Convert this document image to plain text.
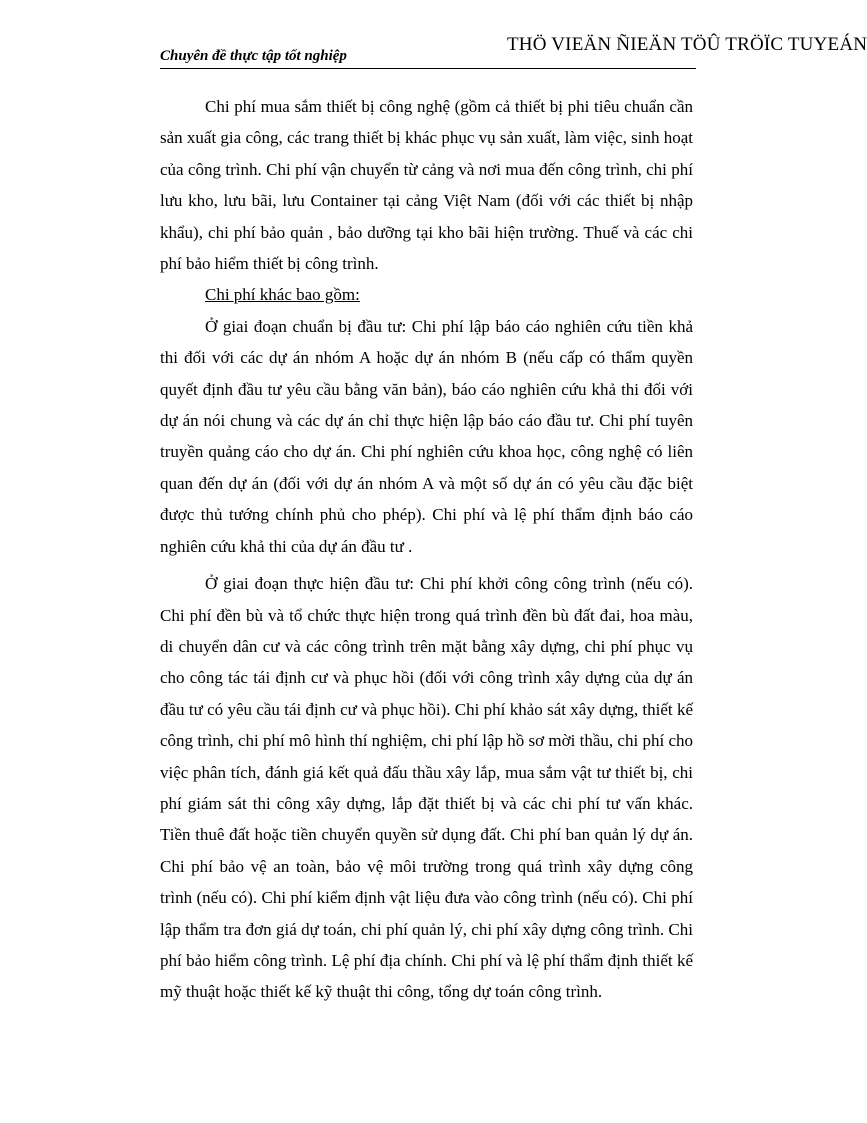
Chuyên đề thực tập tốt nghiệp
THÖ VIEÄN ÑIEÄN TÖÛ TRÖÏC TUYEÁN

Chi phí mua sắm thiết bị công nghệ (gồm cả thiết bị phi tiêu chuẩn cần sản xuất gia công, các trang thiết bị khác phục vụ sản xuất, làm việc, sinh hoạt của công trình. Chi phí vận chuyển từ cảng và nơi mua đến công trình, chi phí lưu kho, lưu bãi, lưu Container tại cảng Việt Nam (đối với các thiết bị nhập khẩu), chi phí bảo quản , bảo dưỡng tại kho bãi hiện trường. Thuế và các chi phí bảo hiểm thiết bị công trình.

Chi phí khác bao gồm:

Ở giai đoạn chuẩn bị đầu tư: Chi phí lập báo cáo nghiên cứu tiền khả thi đối với các dự án nhóm A hoặc dự án nhóm B (nếu cấp có thẩm quyền quyết định đầu tư yêu cầu bằng văn bản), báo cáo nghiên cứu khả thi đối với dự án nói chung và các dự án chỉ thực hiện lập báo cáo đầu tư. Chi phí tuyên truyền quảng cáo cho dự án. Chi phí nghiên cứu khoa học, công nghệ có liên quan đến dự án (đối với dự án nhóm A và một số dự án có yêu cầu đặc biệt được thủ tướng chính phủ cho phép). Chi phí và lệ phí thẩm định báo cáo nghiên cứu khả thi của dự án đầu tư .

Ở giai đoạn thực hiện đầu tư: Chi phí khởi công công trình (nếu có). Chi phí đền bù và tổ chức thực hiện trong quá trình đền bù đất đai, hoa màu, di chuyển dân cư và các công trình trên mặt bằng xây dựng, chi phí phục vụ cho công tác tái định cư và phục hồi (đối với công trình xây dựng của dự án đầu tư có yêu cầu tái định cư và phục hồi). Chi phí khảo sát xây dựng, thiết kế công trình, chi phí mô hình thí nghiệm, chi phí lập hồ sơ mời thầu, chi phí cho việc phân tích, đánh giá kết quả đấu thầu xây lắp, mua sắm vật tư thiết bị, chi phí giám sát thi công xây dựng, lắp đặt thiết bị và các chi phí tư vấn khác. Tiền thuê đất hoặc tiền chuyển quyền sử dụng đất. Chi phí ban quản lý dự án. Chi phí bảo vệ an toàn, bảo vệ môi trường trong quá trình xây dựng công trình (nếu có). Chi phí kiểm định vật liệu đưa vào công trình (nếu có). Chi phí lập thẩm tra đơn giá dự toán, chi phí quản lý, chi phí xây dựng công trình. Chi phí bảo hiểm công trình. Lệ phí địa chính. Chi phí và lệ phí thẩm định thiết kế mỹ thuật hoặc thiết kế kỹ thuật thi công, tổng dự toán công trình.
